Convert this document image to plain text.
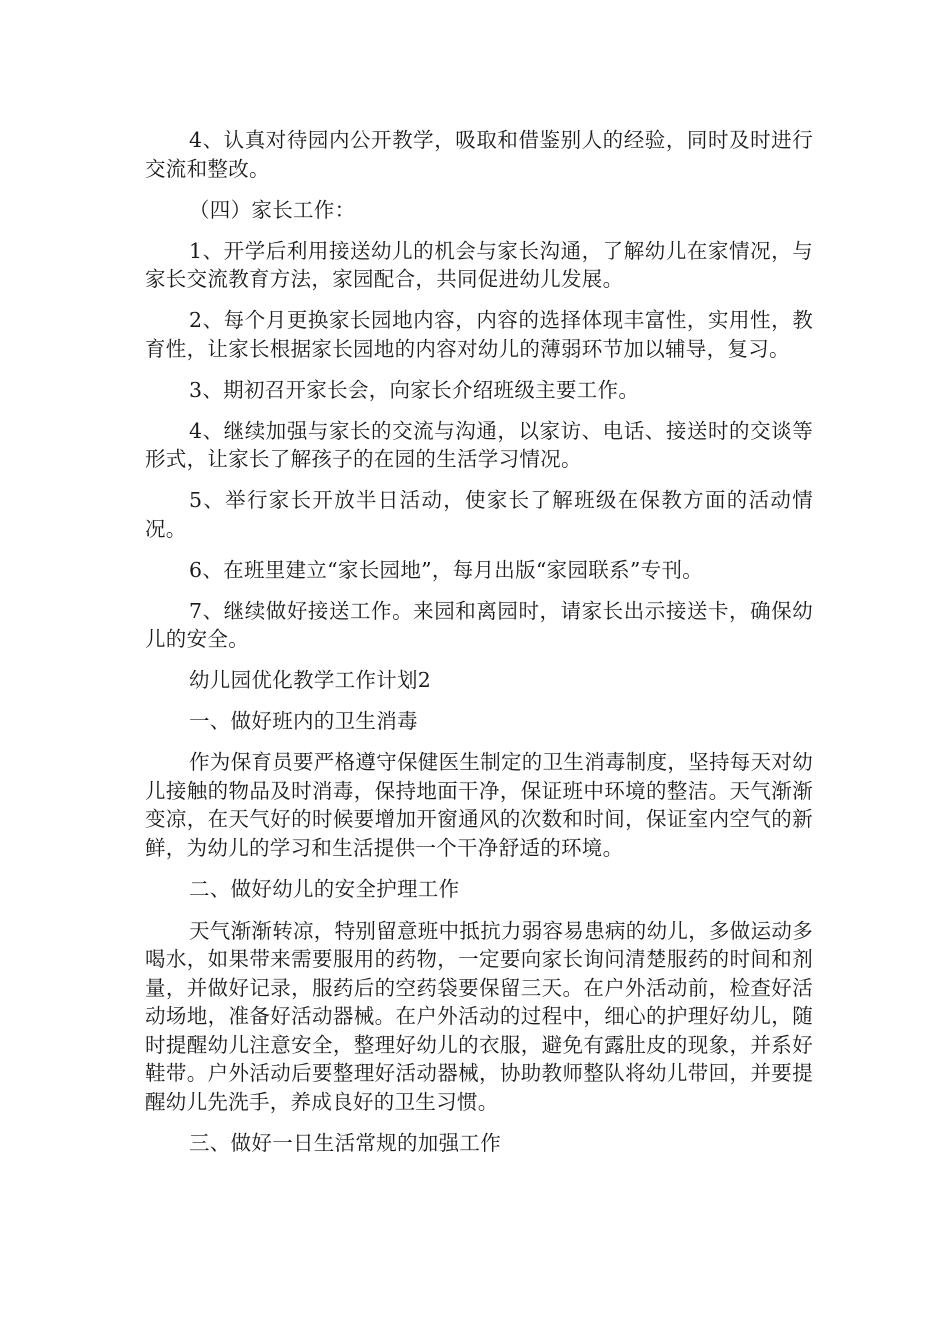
4、认真对待园内公开教学，吸取和借鉴别人的经验，同时及时进行交流和整改。

（四）家长工作：

1、开学后利用接送幼儿的机会与家长沟通，了解幼儿在家情况，与家长交流教育方法，家园配合，共同促进幼儿发展。

2、每个月更换家长园地内容，内容的选择体现丰富性，实用性，教育性，让家长根据家长园地的内容对幼儿的薄弱环节加以辅导，复习。

3、期初召开家长会，向家长介绍班级主要工作。

4、继续加强与家长的交流与沟通，以家访、电话、接送时的交谈等形式，让家长了解孩子的在园的生活学习情况。

5、举行家长开放半日活动，使家长了解班级在保教方面的活动情况。

6、在班里建立“家长园地”，每月出版“家园联系”专刊。

7、继续做好接送工作。来园和离园时，请家长出示接送卡，确保幼儿的安全。

幼儿园优化教学工作计划2

一、做好班内的卫生消毒

作为保育员要严格遵守保健医生制定的卫生消毒制度，坚持每天对幼儿接触的物品及时消毒，保持地面干净，保证班中环境的整洁。天气渐渐变凉，在天气好的时候要增加开窗通风的次数和时间，保证室内空气的新鲜，为幼儿的学习和生活提供一个干净舒适的环境。

二、做好幼儿的安全护理工作

天气渐渐转凉，特别留意班中抵抗力弱容易患病的幼儿，多做运动多喝水，如果带来需要服用的药物，一定要向家长询问清楚服药的时间和剂量，并做好记录，服药后的空药袋要保留三天。在户外活动前，检查好活动场地，准备好活动器械。在户外活动的过程中，细心的护理好幼儿，随时提醒幼儿注意安全，整理好幼儿的衣服，避免有露肚皮的现象，并系好鞋带。户外活动后要整理好活动器械，协助教师整队将幼儿带回，并要提醒幼儿先洗手，养成良好的卫生习惯。

三、做好一日生活常规的加强工作
